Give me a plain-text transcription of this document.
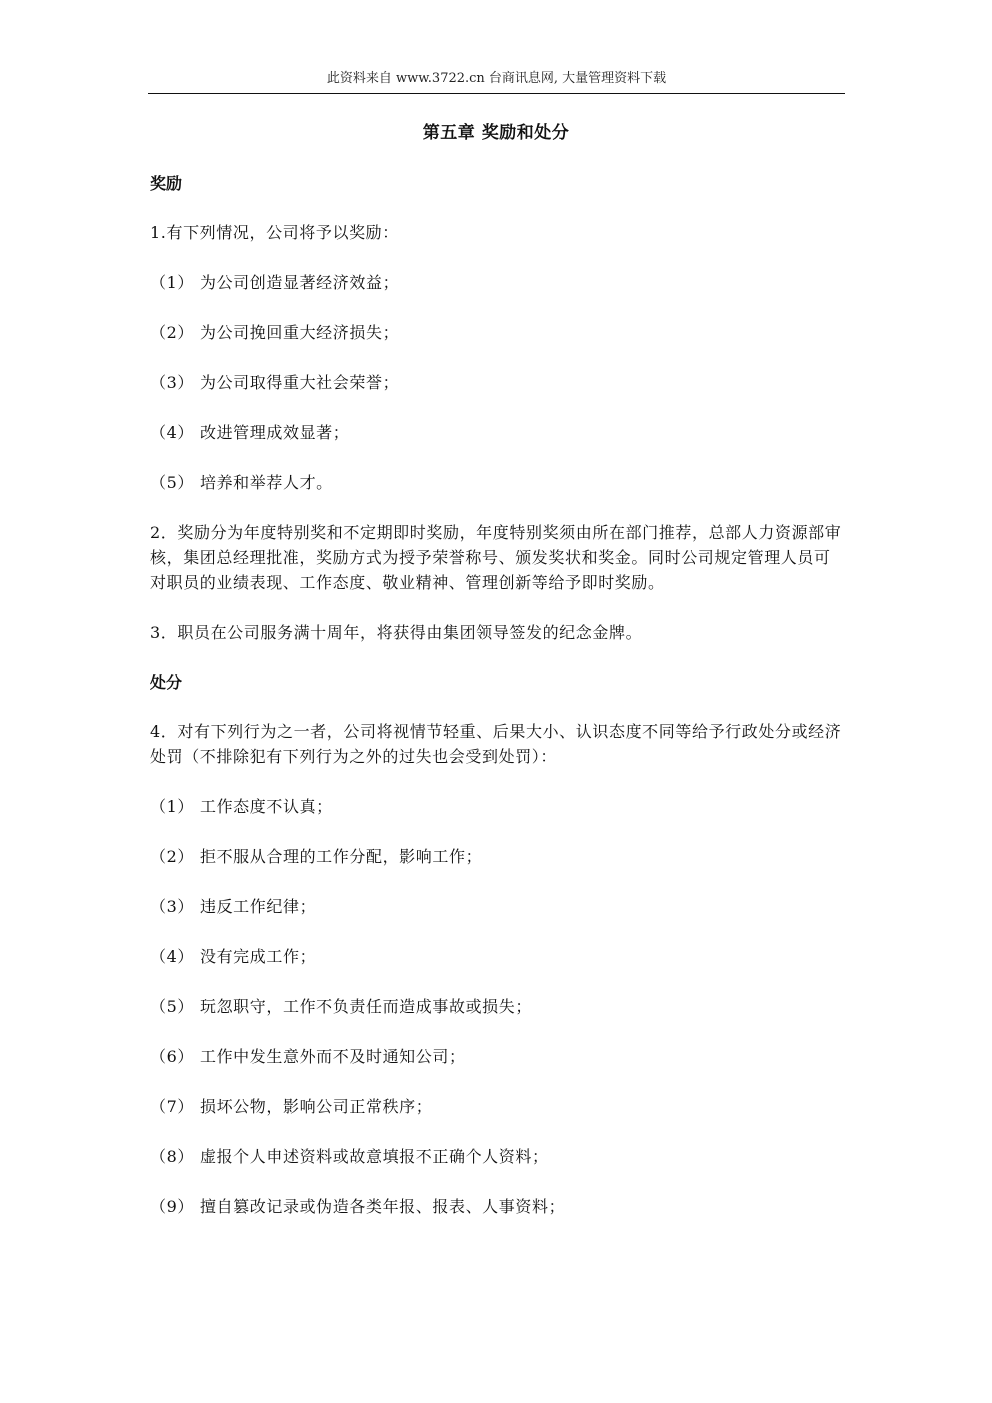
此资料来自 www.3722.cn 台商讯息网, 大量管理资料下载
第五章 奖励和处分
奖励
1.有下列情况，公司将予以奖励：
（1） 为公司创造显著经济效益；
（2） 为公司挽回重大经济损失；
（3） 为公司取得重大社会荣誉；
（4） 改进管理成效显著；
（5） 培养和举荐人才。
2．奖励分为年度特别奖和不定期即时奖励，年度特别奖须由所在部门推荐，总部人力资源部审核，集团总经理批准，奖励方式为授予荣誉称号、颁发奖状和奖金。同时公司规定管理人员可对职员的业绩表现、工作态度、敬业精神、管理创新等给予即时奖励。
3．职员在公司服务满十周年，将获得由集团领导签发的纪念金牌。
处分
4．对有下列行为之一者，公司将视情节轻重、后果大小、认识态度不同等给予行政处分或经济处罚（不排除犯有下列行为之外的过失也会受到处罚）：
（1） 工作态度不认真；
（2） 拒不服从合理的工作分配，影响工作；
（3） 违反工作纪律；
（4） 没有完成工作；
（5） 玩忽职守，工作不负责任而造成事故或损失；
（6） 工作中发生意外而不及时通知公司；
（7） 损坏公物，影响公司正常秩序；
（8） 虚报个人申述资料或故意填报不正确个人资料；
（9） 擅自篡改记录或伪造各类年报、报表、人事资料；
